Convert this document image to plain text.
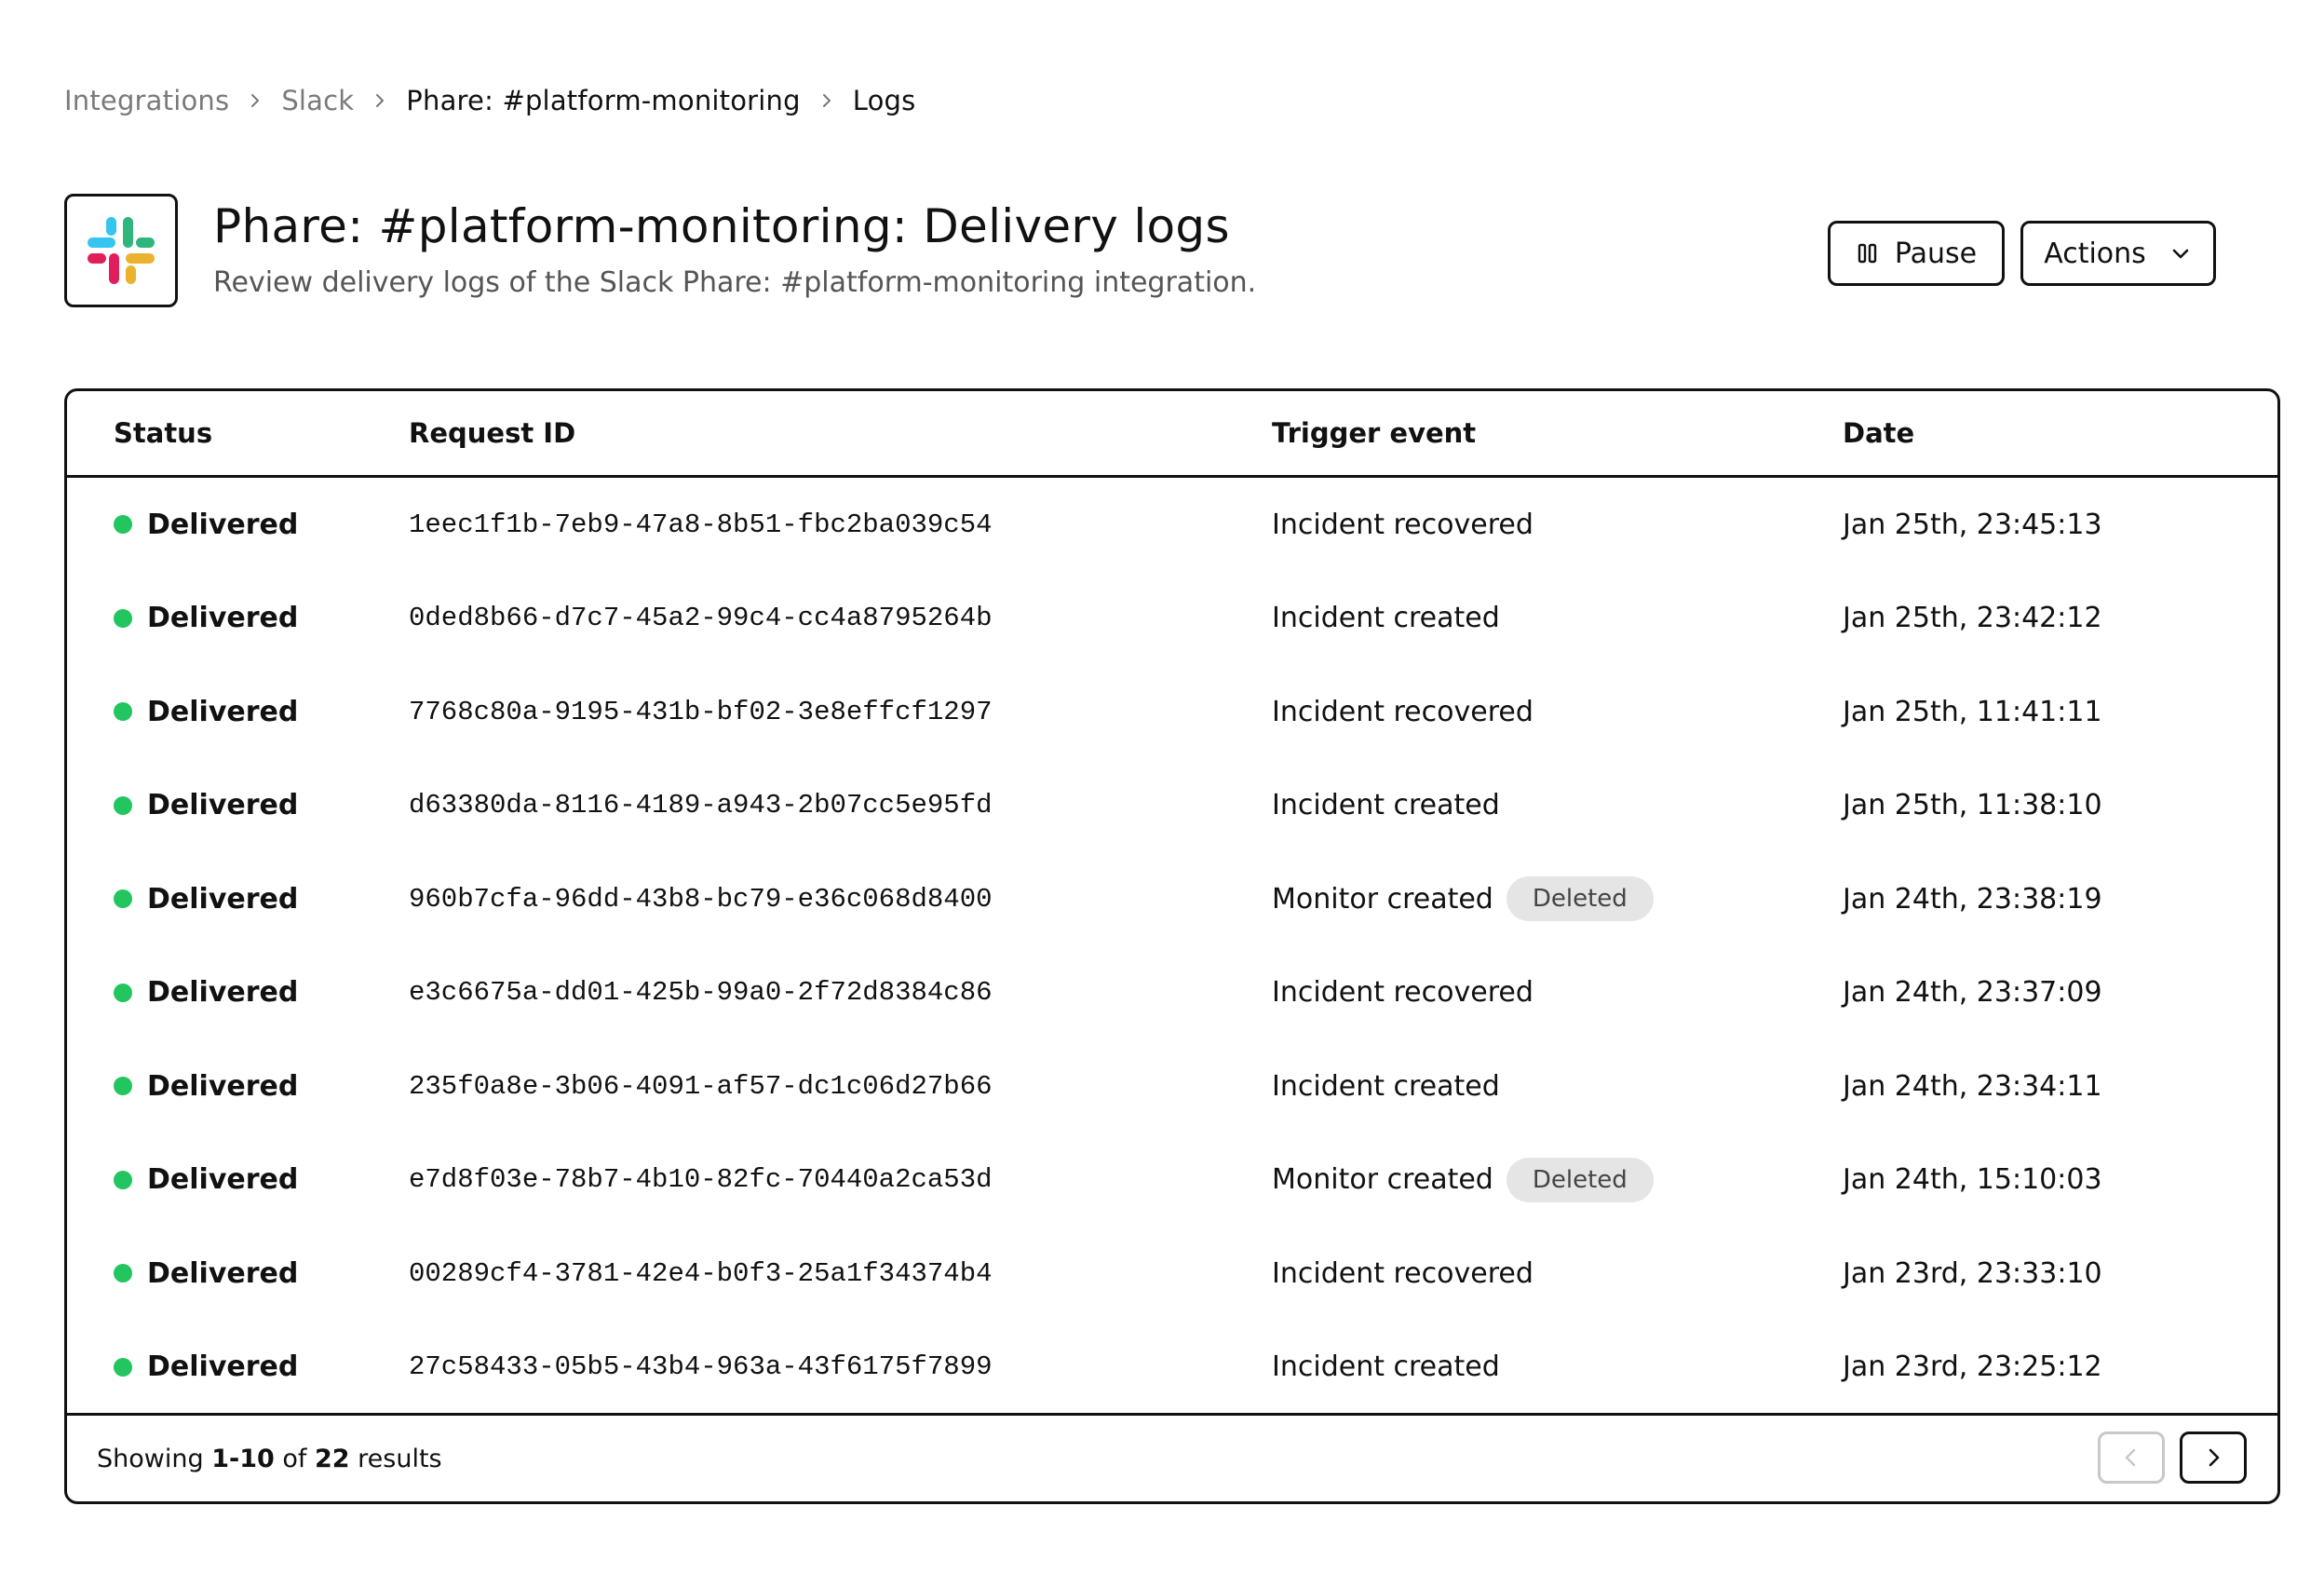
Integrations Slack Phare: #platform-monitoring Logs
Phare: #platform-monitoring: Delivery logs

Review delivery logs of the Slack Phare: #platform-monitoring integration.

Pause Actions
Status	Request ID	Trigger event	Date
Delivered	1eec1f1b-7eb9-47a8-8b51-fbc2ba039c54	Incident recovered	Jan 25th, 23:45:13
Delivered	0ded8b66-d7c7-45a2-99c4-cc4a8795264b	Incident created	Jan 25th, 23:42:12
Delivered	7768c80a-9195-431b-bf02-3e8effcf1297	Incident recovered	Jan 25th, 11:41:11
Delivered	d63380da-8116-4189-a943-2b07cc5e95fd	Incident created	Jan 25th, 11:38:10
Delivered	960b7cfa-96dd-43b8-bc79-e36c068d8400	Monitor created	Deleted	Jan 24th, 23:38:19
Delivered	e3c6675a-dd01-425b-99a0-2f72d8384c86	Incident recovered	Jan 24th, 23:37:09
Delivered	235f0a8e-3b06-4091-af57-dc1c06d27b66	Incident created	Jan 24th, 23:34:11
Delivered	e7d8f03e-78b7-4b10-82fc-70440a2ca53d	Monitor created	Deleted	Jan 24th, 15:10:03
Delivered	00289cf4-3781-42e4-b0f3-25a1f34374b4	Incident recovered	Jan 23rd, 23:33:10
Delivered	27c58433-05b5-43b4-963a-43f6175f7899	Incident created	Jan 23rd, 23:25:12
Showing 1-10 of 22 results
